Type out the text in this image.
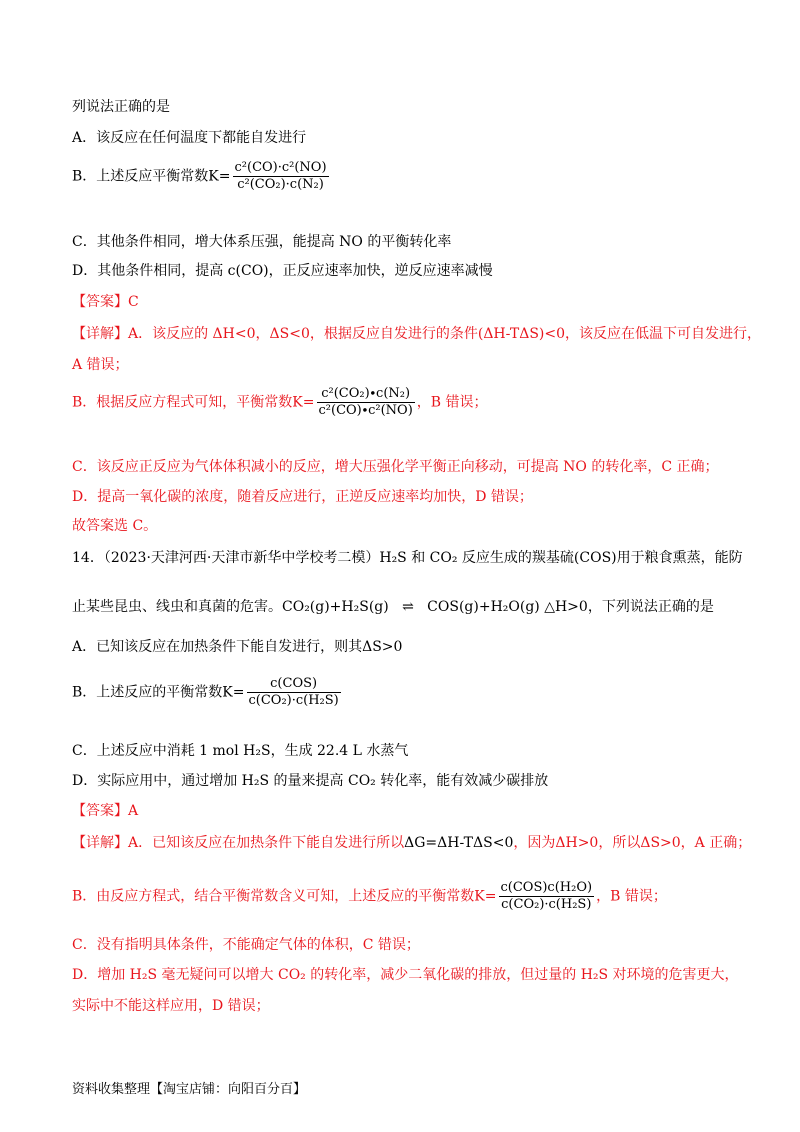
列说法正确的是
A．该反应在任何温度下都能自发进行
B．上述反应平衡常数$K= \frac{\text{c²(CO)·c²(NO)}}{\text{c²(CO₂)·c(N₂)}}$
C．其他条件相同，增大体系压强，能提高 NO 的平衡转化率
D．其他条件相同，提高 c(CO)，正反应速率加快，逆反应速率减慢
【答案】C
【详解】A．该反应的 ΔH<0，ΔS<0，根据反应自发进行的条件(ΔH-TΔS)<0，该反应在低温下可自发进行，
A 错误；
B．根据反应方程式可知，平衡常数$K= \frac{\text{c²(CO₂)∙c(N₂)}}{\text{c²(CO)∙c²(NO)}}$ ，B 错误；
C．该反应正反应为气体体积减小的反应，增大压强化学平衡正向移动，可提高 NO 的转化率，C 正确；
D．提高一氧化碳的浓度，随着反应进行，正逆反应速率均加快，D 错误；
故答案选 C。
14．（2023·天津河西·天津市新华中学校考二模）H₂S 和 CO₂ 反应生成的羰基硫(COS)用于粮食熏蒸，能防
止某些昆虫、线虫和真菌的危害。CO₂(g)+H₂S(g) ⇌ COS(g)+H₂O(g) △H>0，下列说法正确的是
A．已知该反应在加热条件下能自发进行，则其ΔS>0
B．上述反应的平衡常数$K= \frac{\text{c(COS)}}{\text{c(CO₂)·c(H₂S)}}$
C．上述反应中消耗 1 mol H₂S，生成 22.4 L 水蒸气
D．实际应用中，通过增加 H₂S 的量来提高 CO₂ 转化率，能有效减少碳排放
【答案】A
【详解】A．已知该反应在加热条件下能自发进行所以ΔG=ΔH-TΔS<0，因为ΔH>0，所以ΔS>0，A 正确；
B．由反应方程式，结合平衡常数含义可知，上述反应的平衡常数$K= \frac{\text{c(COS)c(H₂O)}}{\text{c(CO₂)·c(H₂S)}}$ ，B 错误；
C．没有指明具体条件，不能确定气体的体积，C 错误；
D．增加 H₂S 毫无疑问可以增大 CO₂ 的转化率，减少二氧化碳的排放，但过量的 H₂S 对环境的危害更大，
实际中不能这样应用，D 错误；
资料收集整理【淘宝店铺：向阳百分百】
